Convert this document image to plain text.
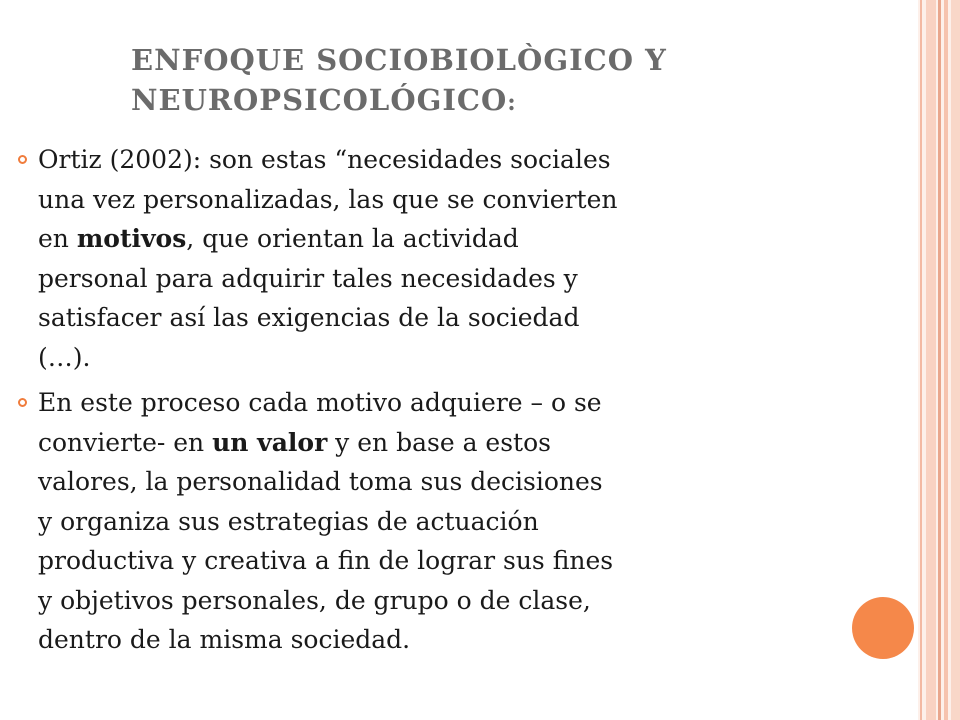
ENFOQUE SOCIOBIOLÒGICO Y
NEUROPSICOLÓGICO:
Ortiz (2002): son estas “necesidades sociales
una vez personalizadas, las que se convierten
en motivos, que orientan la actividad
personal para adquirir tales necesidades y
satisfacer así las exigencias de la sociedad
(…).
En este proceso cada motivo adquiere – o se
convierte- en un valor y en base a estos
valores, la personalidad toma sus decisiones
y organiza sus estrategias de actuación
productiva y creativa a fin de lograr sus fines
y objetivos personales, de grupo o de clase,
dentro de la misma sociedad.
